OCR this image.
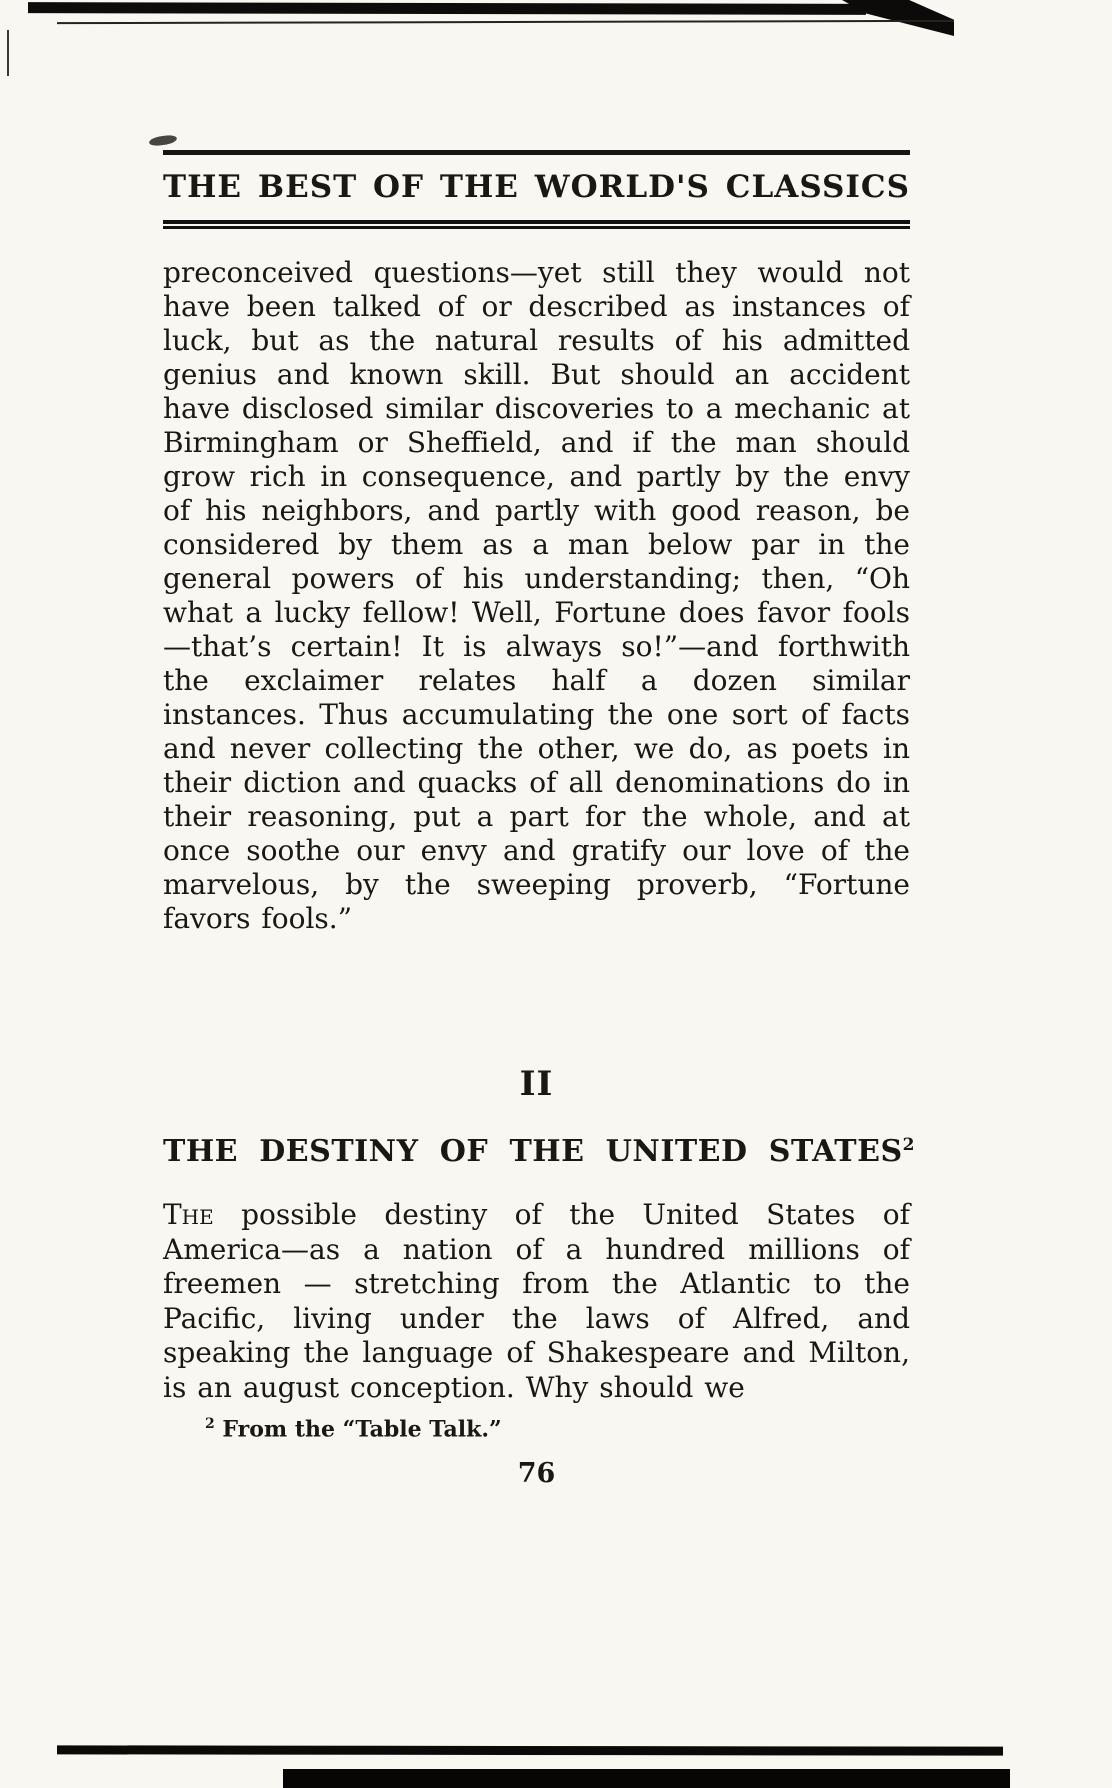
THE BEST OF THE WORLD'S CLASSICS

preconceived questions—yet still they would not have been talked of or described as instances of luck, but as the natural results of his admitted genius and known skill. But should an accident have disclosed similar discoveries to a mechanic at Birmingham or Sheffield, and if the man should grow rich in consequence, and partly by the envy of his neighbors, and partly with good reason, be considered by them as a man below par in the general powers of his understanding; then, “Oh what a lucky fellow! Well, Fortune does favor fools—that’s certain! It is always so!”—and forthwith the exclaimer relates half a dozen similar instances. Thus accumulating the one sort of facts and never collecting the other, we do, as poets in their diction and quacks of all denominations do in their reasoning, put a part for the whole, and at once soothe our envy and gratify our love of the marvelous, by the sweeping proverb, “Fortune favors fools.”

II
THE DESTINY OF THE UNITED STATES$^2$

The possible destiny of the United States of America—as a nation of a hundred millions of freemen — stretching from the Atlantic to the Pacific, living under the laws of Alfred, and speaking the language of Shakespeare and Milton, is an august conception. Why should we

$^2$ From the “Table Talk.”

76
